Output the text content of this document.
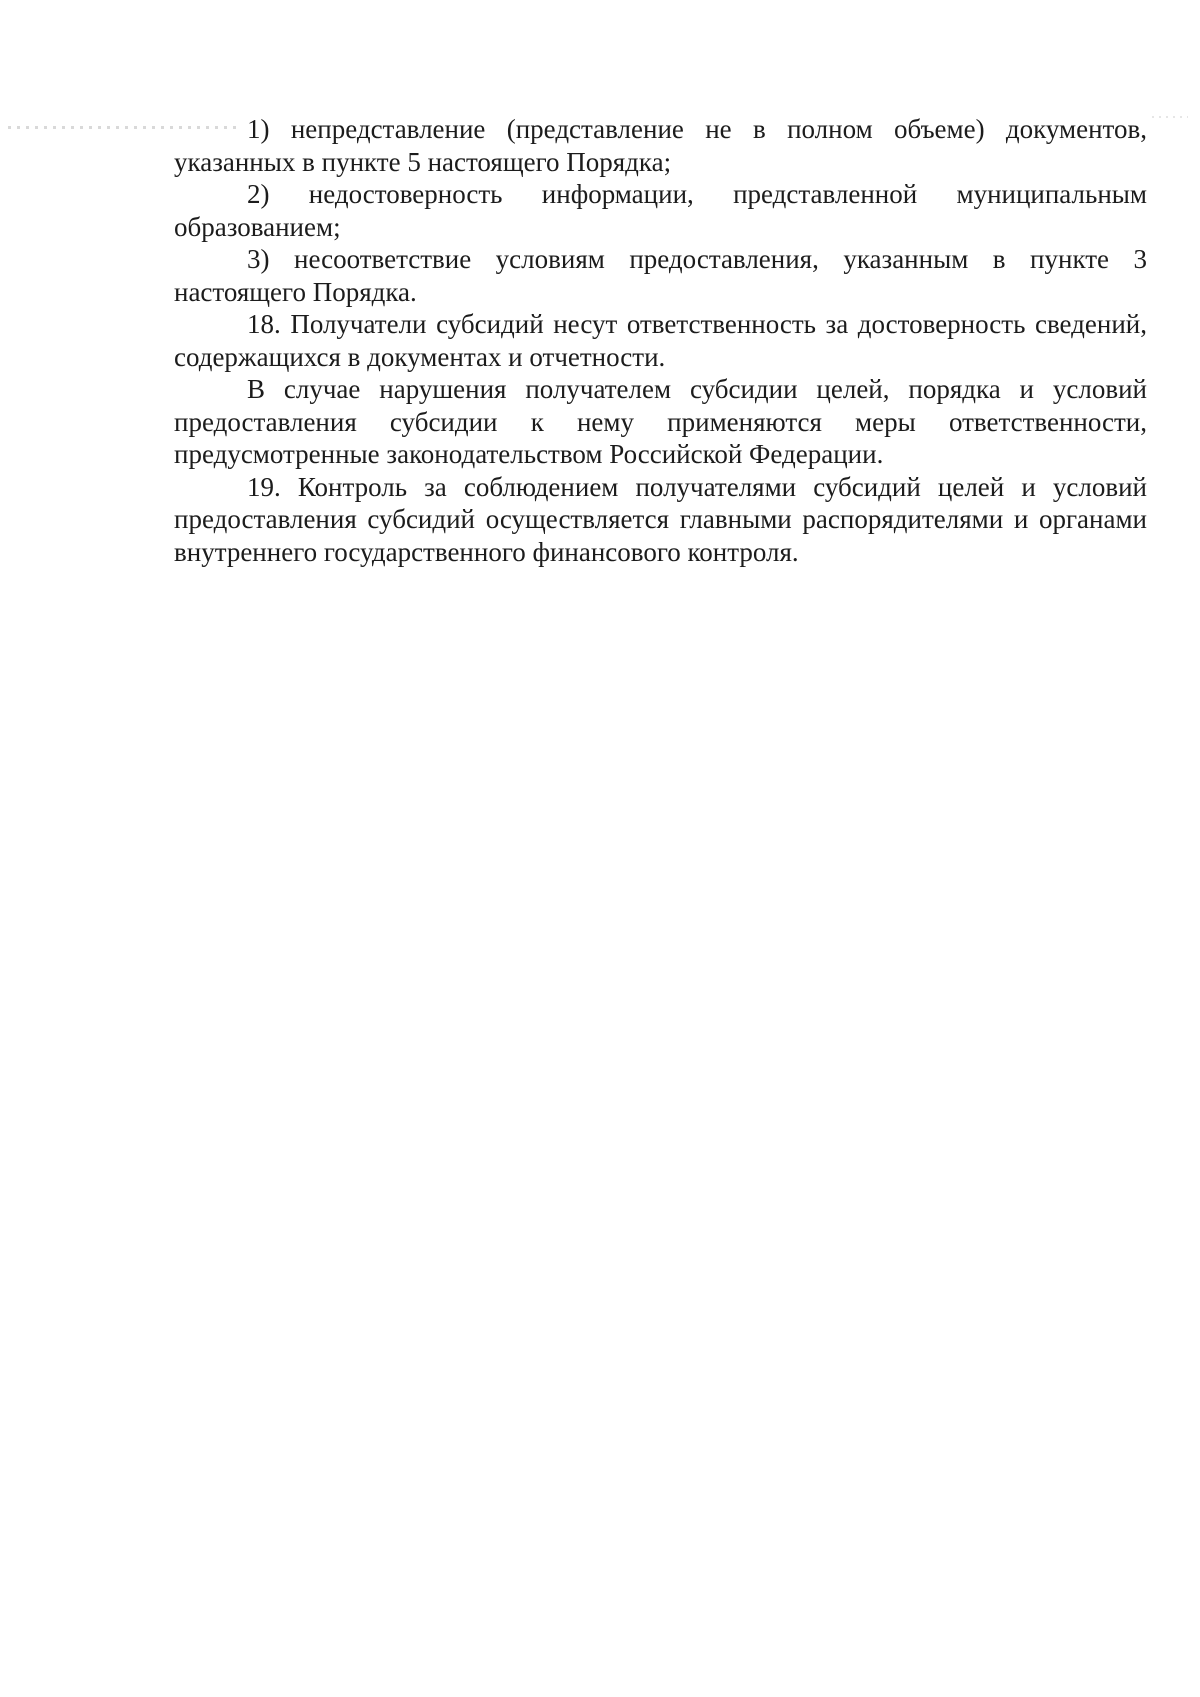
1) непредставление (представление не в полном объеме) документов, указанных в пункте 5 настоящего Порядка;

2) недостоверность информации, представленной муниципальным образованием;

3) несоответствие условиям предоставления, указанным в пункте 3 настоящего Порядка.

18. Получатели субсидий несут ответственность за достоверность сведений, содержащихся в документах и отчетности.

В случае нарушения получателем субсидии целей, порядка и условий предоставления субсидии к нему применяются меры ответственности, предусмотренные законодательством Российской Федерации.

19. Контроль за соблюдением получателями субсидий целей и условий предоставления субсидий осуществляется главными распорядителями и органами внутреннего государственного финансового контроля.
